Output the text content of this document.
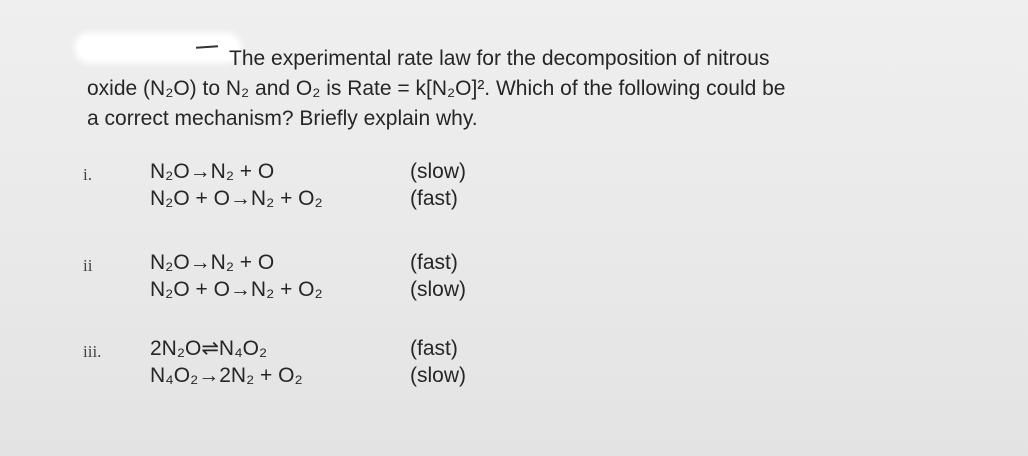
The experimental rate law for the decomposition of nitrous
oxide (N₂O) to N₂ and O₂ is Rate = k[N₂O]². Which of the following could be
a correct mechanism? Briefly explain why.
i.	N₂O→N₂ + O	(slow)
N₂O + O→N₂ + O₂	(fast)
ii	N₂O→N₂ + O	(fast)
N₂O + O→N₂ + O₂	(slow)
iii. 2N₂O⇌N₄O₂	(fast)
N₄O₂→2N₂ + O₂	(slow)
